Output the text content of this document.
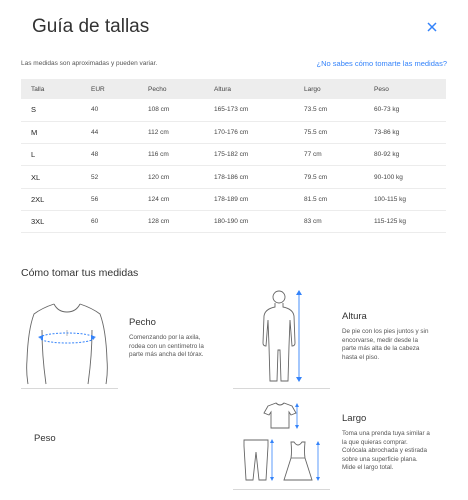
Guía de tallas
Las medidas son aproximadas y pueden variar.	¿No sabes cómo tomarte las medidas?
Talla	EUR	Pecho	Altura	Largo	Peso
S	40	108 cm	165-173 cm	73.5 cm	60-73 kg
M	44	112 cm	170-176 cm	75.5 cm	73-86 kg
L	48	116 cm	175-182 cm	77 cm	80-92 kg
XL	52	120 cm	178-186 cm	79.5 cm	90-100 kg
2XL	56	124 cm	178-189 cm	81.5 cm	100-115 kg
3XL	60	128 cm	180-190 cm	83 cm	115-125 kg
Cómo tomar tus medidas
Pecho
Comenzando por la axila,
rodea con un centímetro la
parte más ancha del tórax.
Altura
De pie con los pies juntos y sin
encorvarse, medir desde la
parte más alta de la cabeza
hasta el piso.
Largo
Toma una prenda tuya similar a
la que quieras comprar.
Colócala abrochada y estirada
sobre una superficie plana.
Mide el largo total.
Peso
